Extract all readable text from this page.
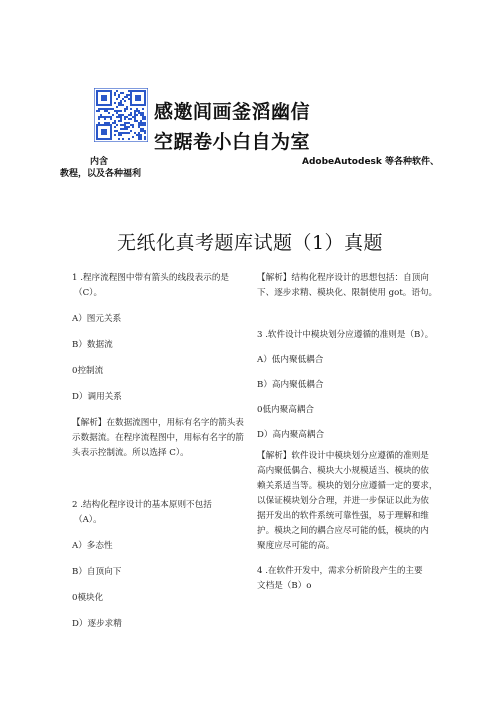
感邀闾画釜滔幽信
空踞卷小白自为室
内含	AdobeAutodesk 等各种软件、
教程，以及各种福利
无纸化真考题库试题（1）真题

1 .程序流程图中带有箭头的线段表示的是

（C）。

A）图元关系

B）数据流

0控制流

D）调用关系

【解析】在数据流图中，用标有名字的箭头表

示数据流。在程序流程图中，用标有名字的箭

头表示控制流。所以选择 C）。

2 .结构化程序设计的基本原则不包括

（A）。

A）多态性

B）自顶向下

0模块化

D）逐步求精

【解析】结构化程序设计的思想包括：自顶向

下、逐步求精、模块化、限制使用 got。语句。

3 .软件设计中模块划分应遵循的准则是（B）。

A）低内聚低耦合

B）高内聚低耦合

0低内聚高耦合

D）高内聚高耦合

【解析】软件设计中模块划分应遵循的准则是

高内聚低偶合、模块大小规模适当、模块的依

赖关系适当等。模块的划分应遵循一定的要求，

以保证模块划分合理，并进一步保证以此为依

据开发出的软件系统可靠性强，易于理解和维

护。模块之间的耦合应尽可能的低，模块的内

聚度应尽可能的高。

4 .在软件开发中，需求分析阶段产生的主要

文档是（B）o
